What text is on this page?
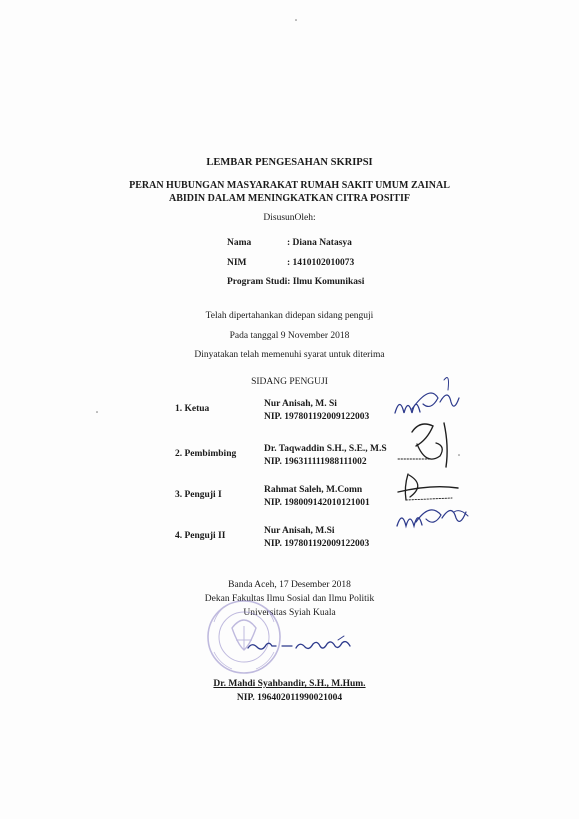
LEMBAR PENGESAHAN SKRIPSI
PERAN HUBUNGAN MASYARAKAT RUMAH SAKIT UMUM ZAINAL
ABIDIN DALAM MENINGKATKAN CITRA POSITIF
DisusunOleh:
Nama	: Diana Natasya
NIM	: 1410102010073
Program Studi: Ilmu Komunikasi
Telah dipertahankan didepan sidang penguji
Pada tanggal 9 November 2018
Dinyatakan telah memenuhi syarat untuk diterima
SIDANG PENGUJI
1. Ketua	Nur Anisah, M. Si
NIP. 197801192009122003
2. Pembimbing	Dr. Taqwaddin S.H., S.E., M.S
NIP. 196311111988111002
3. Penguji I	Rahmat Saleh, M.Comn
NIP. 198009142010121001
4. Penguji II	Nur Anisah, M.Si
NIP. 197801192009122003
Banda Aceh, 17 Desember 2018
Dekan Fakultas Ilmu Sosial dan Ilmu Politik
Universitas Syiah Kuala
Dr. Mahdi Syahbandir, S.H., M.Hum.
NIP. 196402011990021004
